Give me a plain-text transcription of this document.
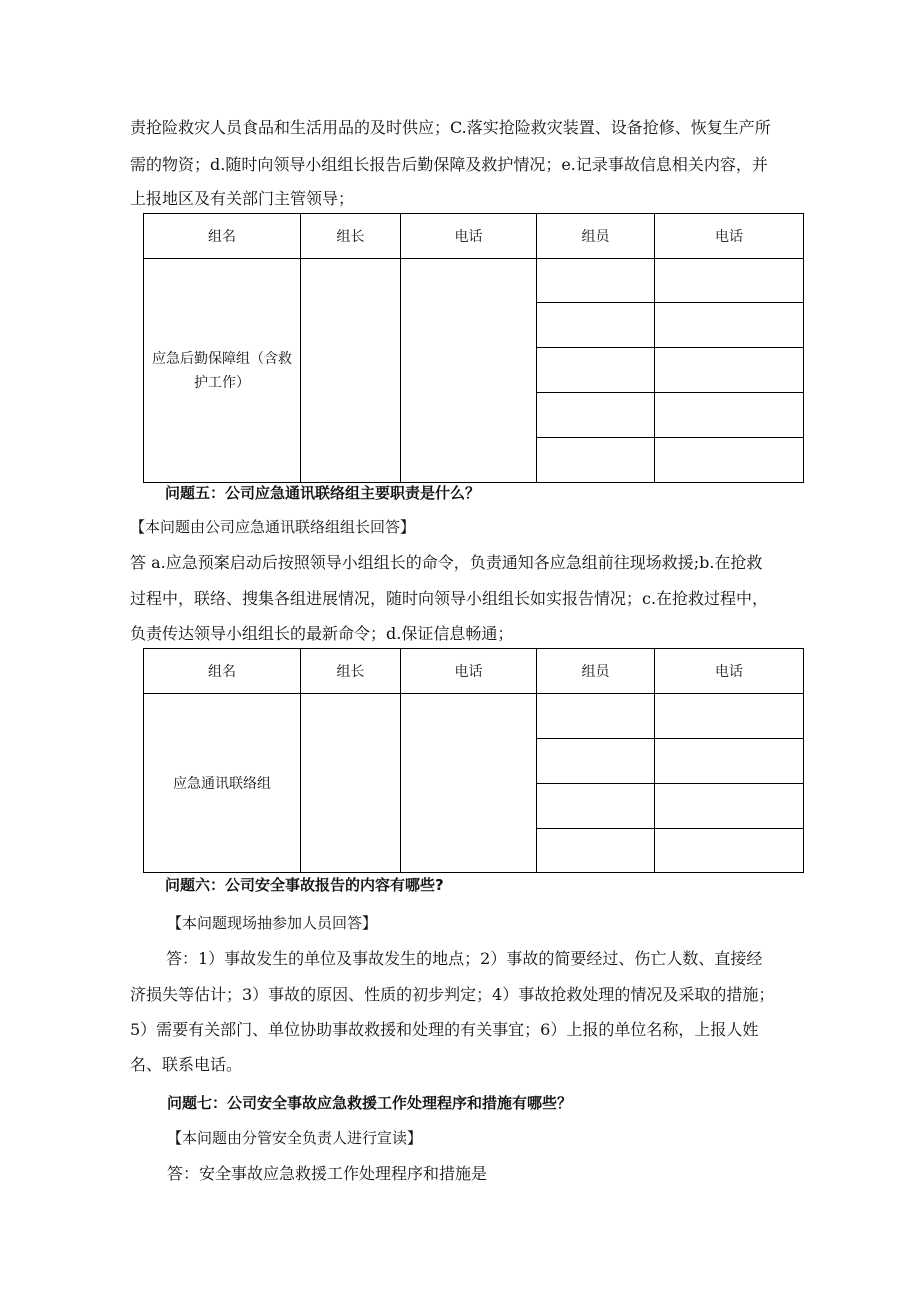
责抢险救灾人员食品和生活用品的及时供应；C.落实抢险救灾装置、设备抢修、恢复生产所
需的物资；d.随时向领导小组组长报告后勤保障及救护情况；e.记录事故信息相关内容，并
上报地区及有关部门主管领导；
组名	组长	电话	组员	电话
应急后勤保障组（含救
护工作）				

问题五：公司应急通讯联络组主要职责是什么？
【本问题由公司应急通讯联络组组长回答】
答 a.应急预案启动后按照领导小组组长的命令，负责通知各应急组前往现场救援;b.在抢救
过程中，联络、搜集各组进展情况，随时向领导小组组长如实报告情况；c.在抢救过程中，
负责传达领导小组组长的最新命令；d.保证信息畅通；
组名	组长	电话	组员	电话
应急通讯联络组				

问题六：公司安全事故报告的内容有哪些?
【本问题现场抽参加人员回答】
答：1）事故发生的单位及事故发生的地点；2）事故的简要经过、伤亡人数、直接经
济损失等估计；3）事故的原因、性质的初步判定；4）事故抢救处理的情况及采取的措施；
5）需要有关部门、单位协助事故救援和处理的有关事宜；6）上报的单位名称，上报人姓
名、联系电话。
问题七：公司安全事故应急救援工作处理程序和措施有哪些？
【本问题由分管安全负责人进行宣读】
答：安全事故应急救援工作处理程序和措施是
